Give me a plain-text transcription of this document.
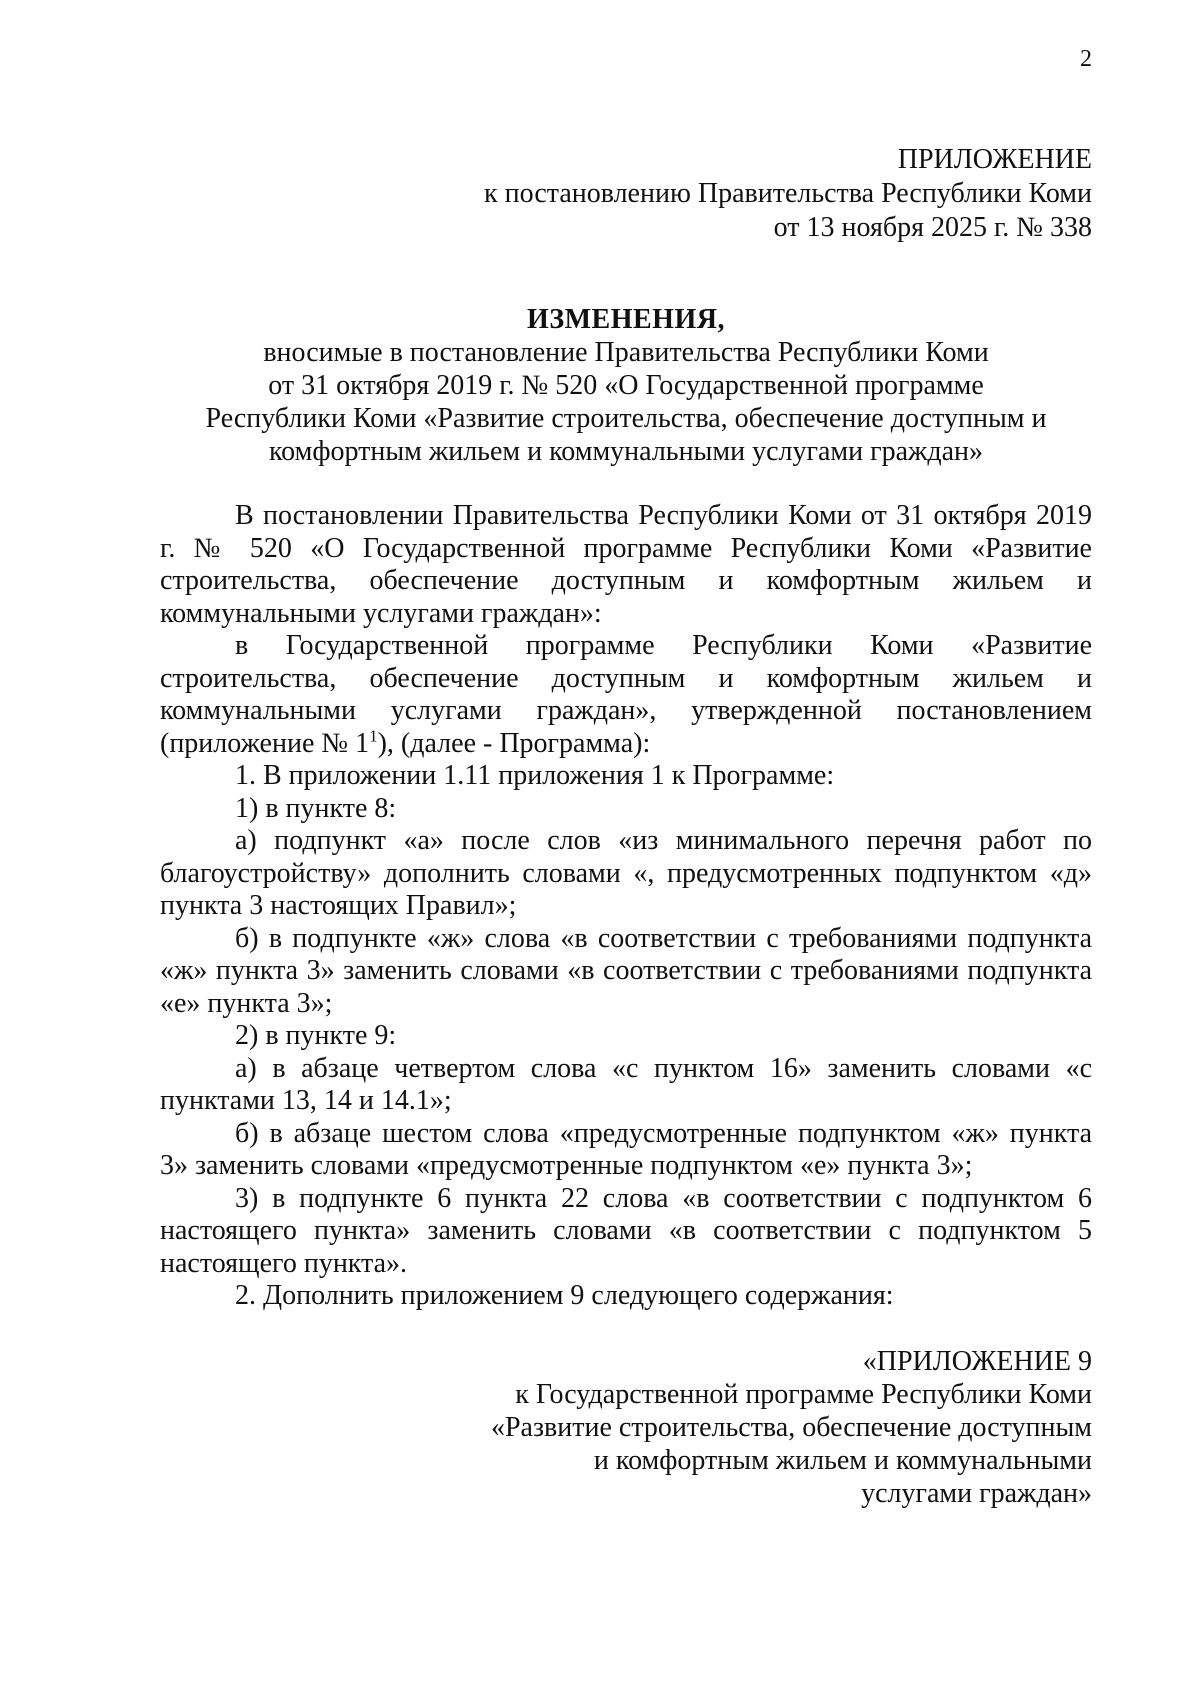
2
ПРИЛОЖЕНИЕ
к постановлению Правительства Республики Коми
от 13 ноября 2025 г. № 338
ИЗМЕНЕНИЯ,
вносимые в постановление Правительства Республики Коми
от 31 октября 2019 г. № 520 «О Государственной программе
Республики Коми «Развитие строительства, обеспечение доступным и
комфортным жильем и коммунальными услугами граждан»

В постановлении Правительства Республики Коми от 31 октября 2019 г. № 520 «О Государственной программе Республики Коми «Развитие строительства, обеспечение доступным и комфортным жильем и коммунальными услугами граждан»:

в Государственной программе Республики Коми «Развитие строительства, обеспечение доступным и комфортным жильем и коммунальными услугами граждан», утвержденной постановлением (приложение № $1^1$), (далее - Программа):

1. В приложении 1.11 приложения 1 к Программе:

1) в пункте 8:

а) подпункт «а» после слов «из минимального перечня работ по благоустройству» дополнить словами «, предусмотренных подпунктом «д» пункта 3 настоящих Правил»;

б) в подпункте «ж» слова «в соответствии с требованиями подпункта «ж» пункта 3» заменить словами «в соответствии с требованиями подпункта «е» пункта 3»;

2) в пункте 9:

а) в абзаце четвертом слова «с пунктом 16» заменить словами «с пунктами 13, 14 и 14.1»;

б) в абзаце шестом слова «предусмотренные подпунктом «ж» пункта 3» заменить словами «предусмотренные подпунктом «е» пункта 3»;

3) в подпункте 6 пункта 22 слова «в соответствии с подпунктом 6 настоящего пункта» заменить словами «в соответствии с подпунктом 5 настоящего пункта».

2. Дополнить приложением 9 следующего содержания:

«ПРИЛОЖЕНИЕ 9
к Государственной программе Республики Коми
«Развитие строительства, обеспечение доступным
и комфортным жильем и коммунальными
услугами граждан»
